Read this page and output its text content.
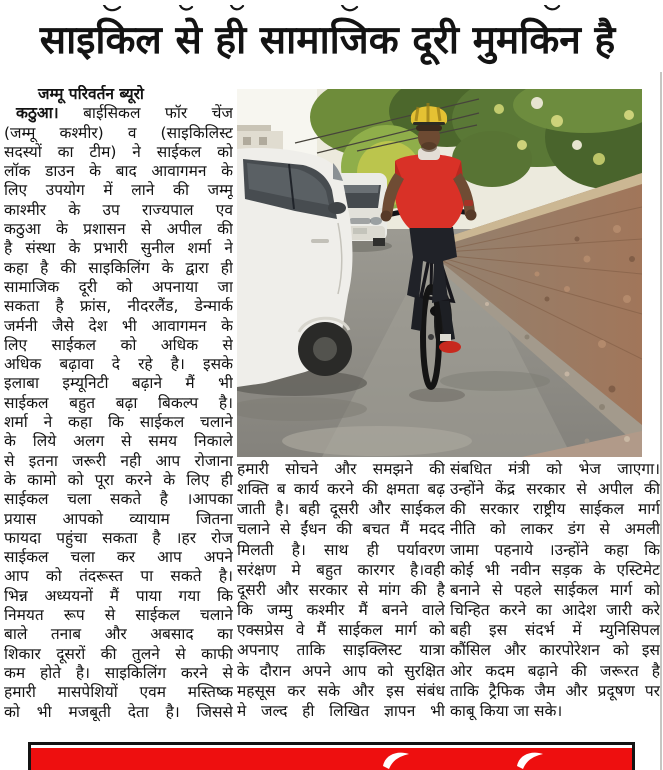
साइकिल से ही सामाजिक दूरी मुमकिन है
जम्मू परिवर्तन ब्यूरो
कठुआ। बाईसिकल फॉर चेंज
(जम्मू कश्मीर) व (साइकिलिस्ट
सदस्यों का टीम) ने साईकल को
लॉक डाउन के बाद आवागमन के
लिए उपयोग में लाने की जम्मू
काश्मीर के उप राज्यपाल एव
कठुआ के प्रशासन से अपील की
है संस्था के प्रभारी सुनील शर्मा ने
कहा है की साइकिलिंग के द्वारा ही
सामाजिक दूरी को अपनाया जा
सकता है फ्रांस, नीदरलैंड, डेन्मार्क
जर्मनी जैसे देश भी आवागमन के
लिए साईकल को अधिक से
अधिक बढ़ावा दे रहे है। इसके
इलाबा इम्यूनिटी बढ़ाने मैं भी
साईकल बहुत बढ़ा बिकल्प है।
शर्मा ने कहा कि साईकल चलाने
के लिये अलग से समय निकाले
से इतना जरूरी नही आप रोजाना
के कामो को पूरा करने के लिए ही
साईकल चला सकते है ।आपका
प्रयास आपको व्यायाम जितना
फायदा पहुंचा सकता है ।हर रोज
साईकल चला कर आप अपने
आप को तंदरूस्त पा सकते है।
भिन्न अध्ययनों मैं पाया गया कि
निमयत रूप से साईकल चलाने
बाले तनाब और अबसाद का
शिकार दूसरों की तुलने से काफी
कम होते है। साइकिलिंग करने से
हमारी मासपेशियों एवम मस्तिष्क
को भी मजबूती देता है। जिससे
हमारी सोचने और समझने की
शक्ति ब कार्य करने की क्षमता बढ़
जाती है। बही दूसरी और साईकल
चलाने से ईंधन की बचत मैं मदद
मिलती है। साथ ही पर्यावरण
सरंक्षण मे बहुत कारगर है।वही
दूसरी और सरकार से मांग की है
कि जम्मु कश्मीर मैं बनने वाले
एक्सप्रेस वे मैं साईकल मार्ग को
अपनाए ताकि साइक्लिस्ट यात्रा
के दौरान अपने आप को सुरक्षित
महसूस कर सके और इस संबंध
मे जल्द ही लिखित ज्ञापन भी
संबधित मंत्री को भेज जाएगा।
उन्होंने केंद्र सरकार से अपील की
की सरकार राष्ट्रीय साईकल मार्ग
नीति को लाकर डंग से अमली
जामा पहनाये ।उन्होंने कहा कि
कोई भी नवीन सड़क के एस्टिमेट
बनाने से पहले साईकल मार्ग को
चिन्हित करने का आदेश जारी करे
बही इस संदर्भ में म्युनिसिपल
कौंसिल और कारपोरेशन को इस
ओर कदम बढ़ाने की जरूरत है
ताकि ट्रैफिक जैम और प्रदूषण पर
काबू किया जा सके।
